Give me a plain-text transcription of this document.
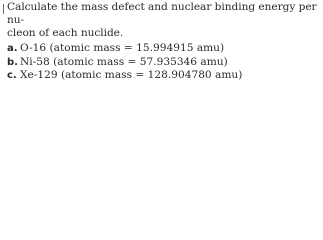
Calculate the mass defect and nuclear binding energy per nu-
cleon of each nuclide.

a. O-16 (atomic mass = 15.994915 amu)
b. Ni-58 (atomic mass = 57.935346 amu)
c. Xe-129 (atomic mass = 128.904780 amu)
